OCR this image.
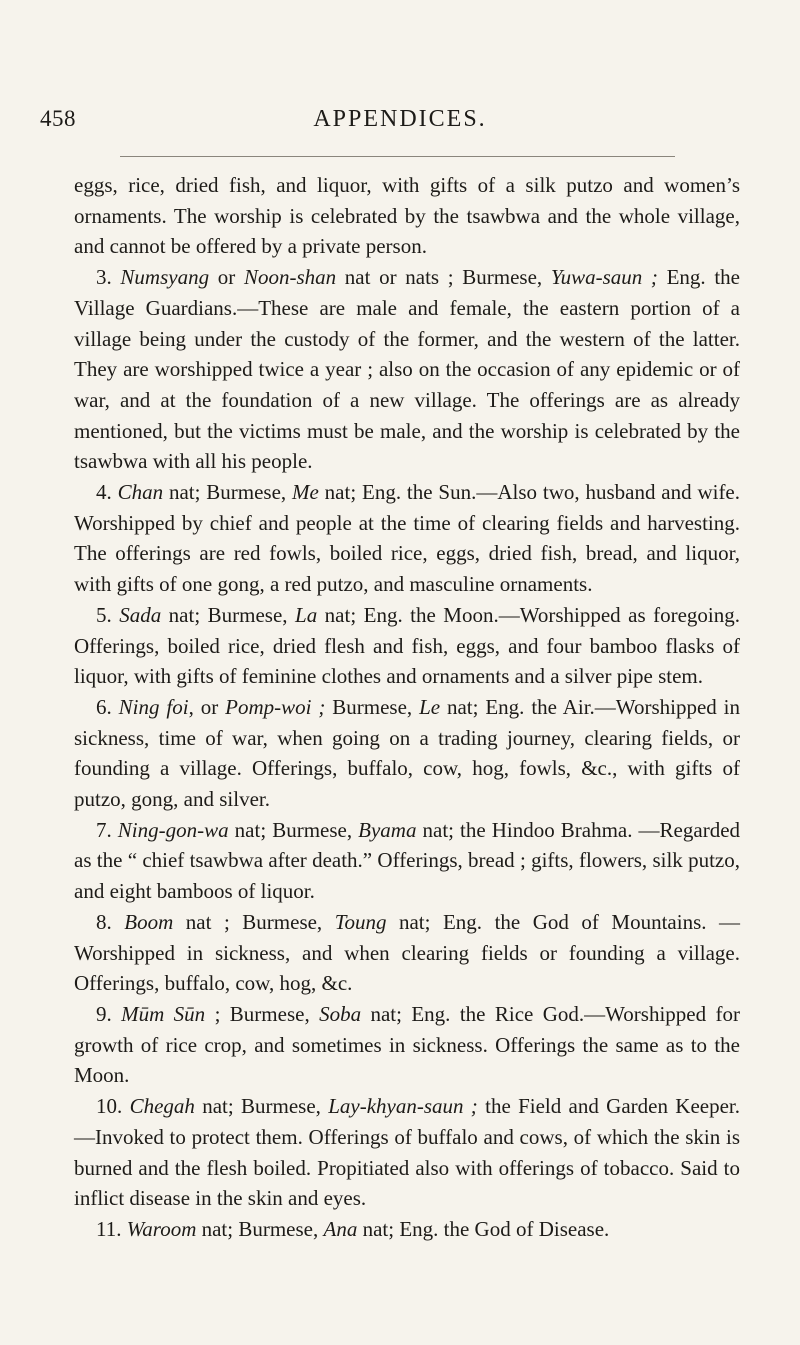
458	APPENDICES.

eggs, rice, dried fish, and liquor, with gifts of a silk putzo and women’s ornaments. The worship is celebrated by the tsawbwa and the whole village, and cannot be offered by a private person.

3. Numsyang or Noon-shan nat or nats ; Burmese, Yuwa-saun ; Eng. the Village Guardians.—These are male and female, the eastern portion of a village being under the custody of the former, and the western of the latter. They are worshipped twice a year ; also on the occasion of any epidemic or of war, and at the foundation of a new village. The offerings are as already mentioned, but the victims must be male, and the worship is celebrated by the tsawbwa with all his people.

4. Chan nat; Burmese, Me nat; Eng. the Sun.—Also two, husband and wife. Worshipped by chief and people at the time of clearing fields and harvesting. The offerings are red fowls, boiled rice, eggs, dried fish, bread, and liquor, with gifts of one gong, a red putzo, and masculine ornaments.

5. Sada nat; Burmese, La nat; Eng. the Moon.—Worshipped as foregoing. Offerings, boiled rice, dried flesh and fish, eggs, and four bamboo flasks of liquor, with gifts of feminine clothes and ornaments and a silver pipe stem.

6. Ning foi, or Pomp-woi ; Burmese, Le nat; Eng. the Air.—Worshipped in sickness, time of war, when going on a trading journey, clearing fields, or founding a village. Offerings, buffalo, cow, hog, fowls, &c., with gifts of putzo, gong, and silver.

7. Ning-gon-wa nat; Burmese, Byama nat; the Hindoo Brahma. —Regarded as the “ chief tsawbwa after death.” Offerings, bread ; gifts, flowers, silk putzo, and eight bamboos of liquor.

8. Boom nat ; Burmese, Toung nat; Eng. the God of Mountains. —Worshipped in sickness, and when clearing fields or founding a village. Offerings, buffalo, cow, hog, &c.

9. Mūm Sūn ; Burmese, Soba nat; Eng. the Rice God.—Worshipped for growth of rice crop, and sometimes in sickness. Offerings the same as to the Moon.

10. Chegah nat; Burmese, Lay-khyan-saun ; the Field and Garden Keeper.—Invoked to protect them. Offerings of buffalo and cows, of which the skin is burned and the flesh boiled. Propitiated also with offerings of tobacco. Said to inflict disease in the skin and eyes.

11. Waroom nat; Burmese, Ana nat; Eng. the God of Disease.
